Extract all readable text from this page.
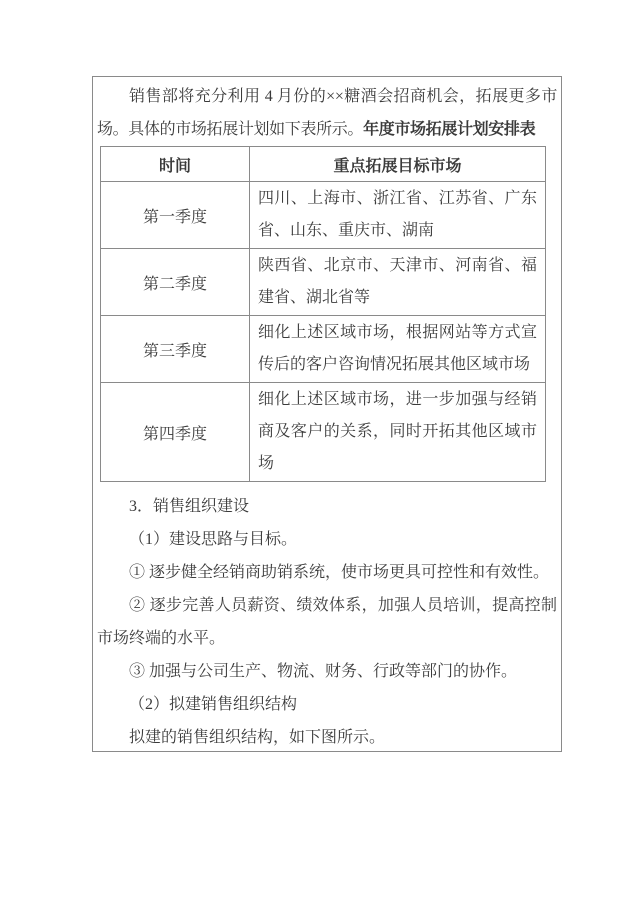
销售部将充分利用 4 月份的××糖酒会招商机会，拓展更多市场。具体的市场拓展计划如下表所示。年度市场拓展计划安排表

时间	重点拓展目标市场
第一季度	四川、上海市、浙江省、江苏省、广东省、山东、重庆市、湖南
第二季度	陕西省、北京市、天津市、河南省、福建省、湖北省等
第三季度	细化上述区域市场，根据网站等方式宣传后的客户咨询情况拓展其他区域市场
第四季度	细化上述区域市场，进一步加强与经销商及客户的关系，同时开拓其他区域市场

3．销售组织建设

（1）建设思路与目标。

① 逐步健全经销商助销系统，使市场更具可控性和有效性。

② 逐步完善人员薪资、绩效体系，加强人员培训，提高控制市场终端的水平。

③ 加强与公司生产、物流、财务、行政等部门的协作。

（2）拟建销售组织结构

拟建的销售组织结构，如下图所示。
